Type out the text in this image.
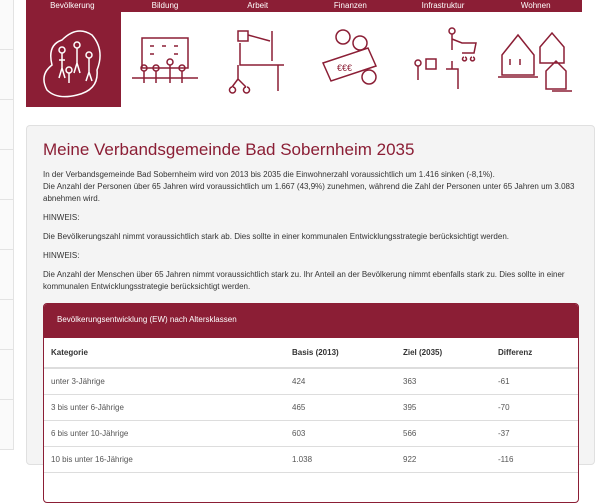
Bevölkerung	Bildung	Arbeit	Finanzen	Infrastruktur	Wohnen
€€€
Meine Verbandsgemeinde Bad Sobernheim 2035

In der Verbandsgemeinde Bad Sobernheim wird von 2013 bis 2035 die Einwohnerzahl voraussichtlich um 1.416 sinken (-8,1%).
Die Anzahl der Personen über 65 Jahren wird voraussichtlich um 1.667 (43,9%) zunehmen, während die Zahl der Personen unter 65 Jahren um 3.083 abnehmen wird.

HINWEIS:

Die Bevölkerungszahl nimmt voraussichtlich stark ab. Dies sollte in einer kommunalen Entwicklungsstrategie berücksichtigt werden.

HINWEIS:

Die Anzahl der Menschen über 65 Jahren nimmt voraussichtlich stark zu. Ihr Anteil an der Bevölkerung nimmt ebenfalls stark zu. Dies sollte in einer kommunalen Entwicklungsstrategie berücksichtigt werden.

Bevölkerungsentwicklung (EW) nach Altersklassen
Kategorie	Basis (2013)	Ziel (2035)	Differenz
unter 3-Jährige	424	363	-61
3 bis unter 6-Jährige	465	395	-70
6 bis unter 10-Jährige	603	566	-37
10 bis unter 16-Jährige	1.038	922	-116
